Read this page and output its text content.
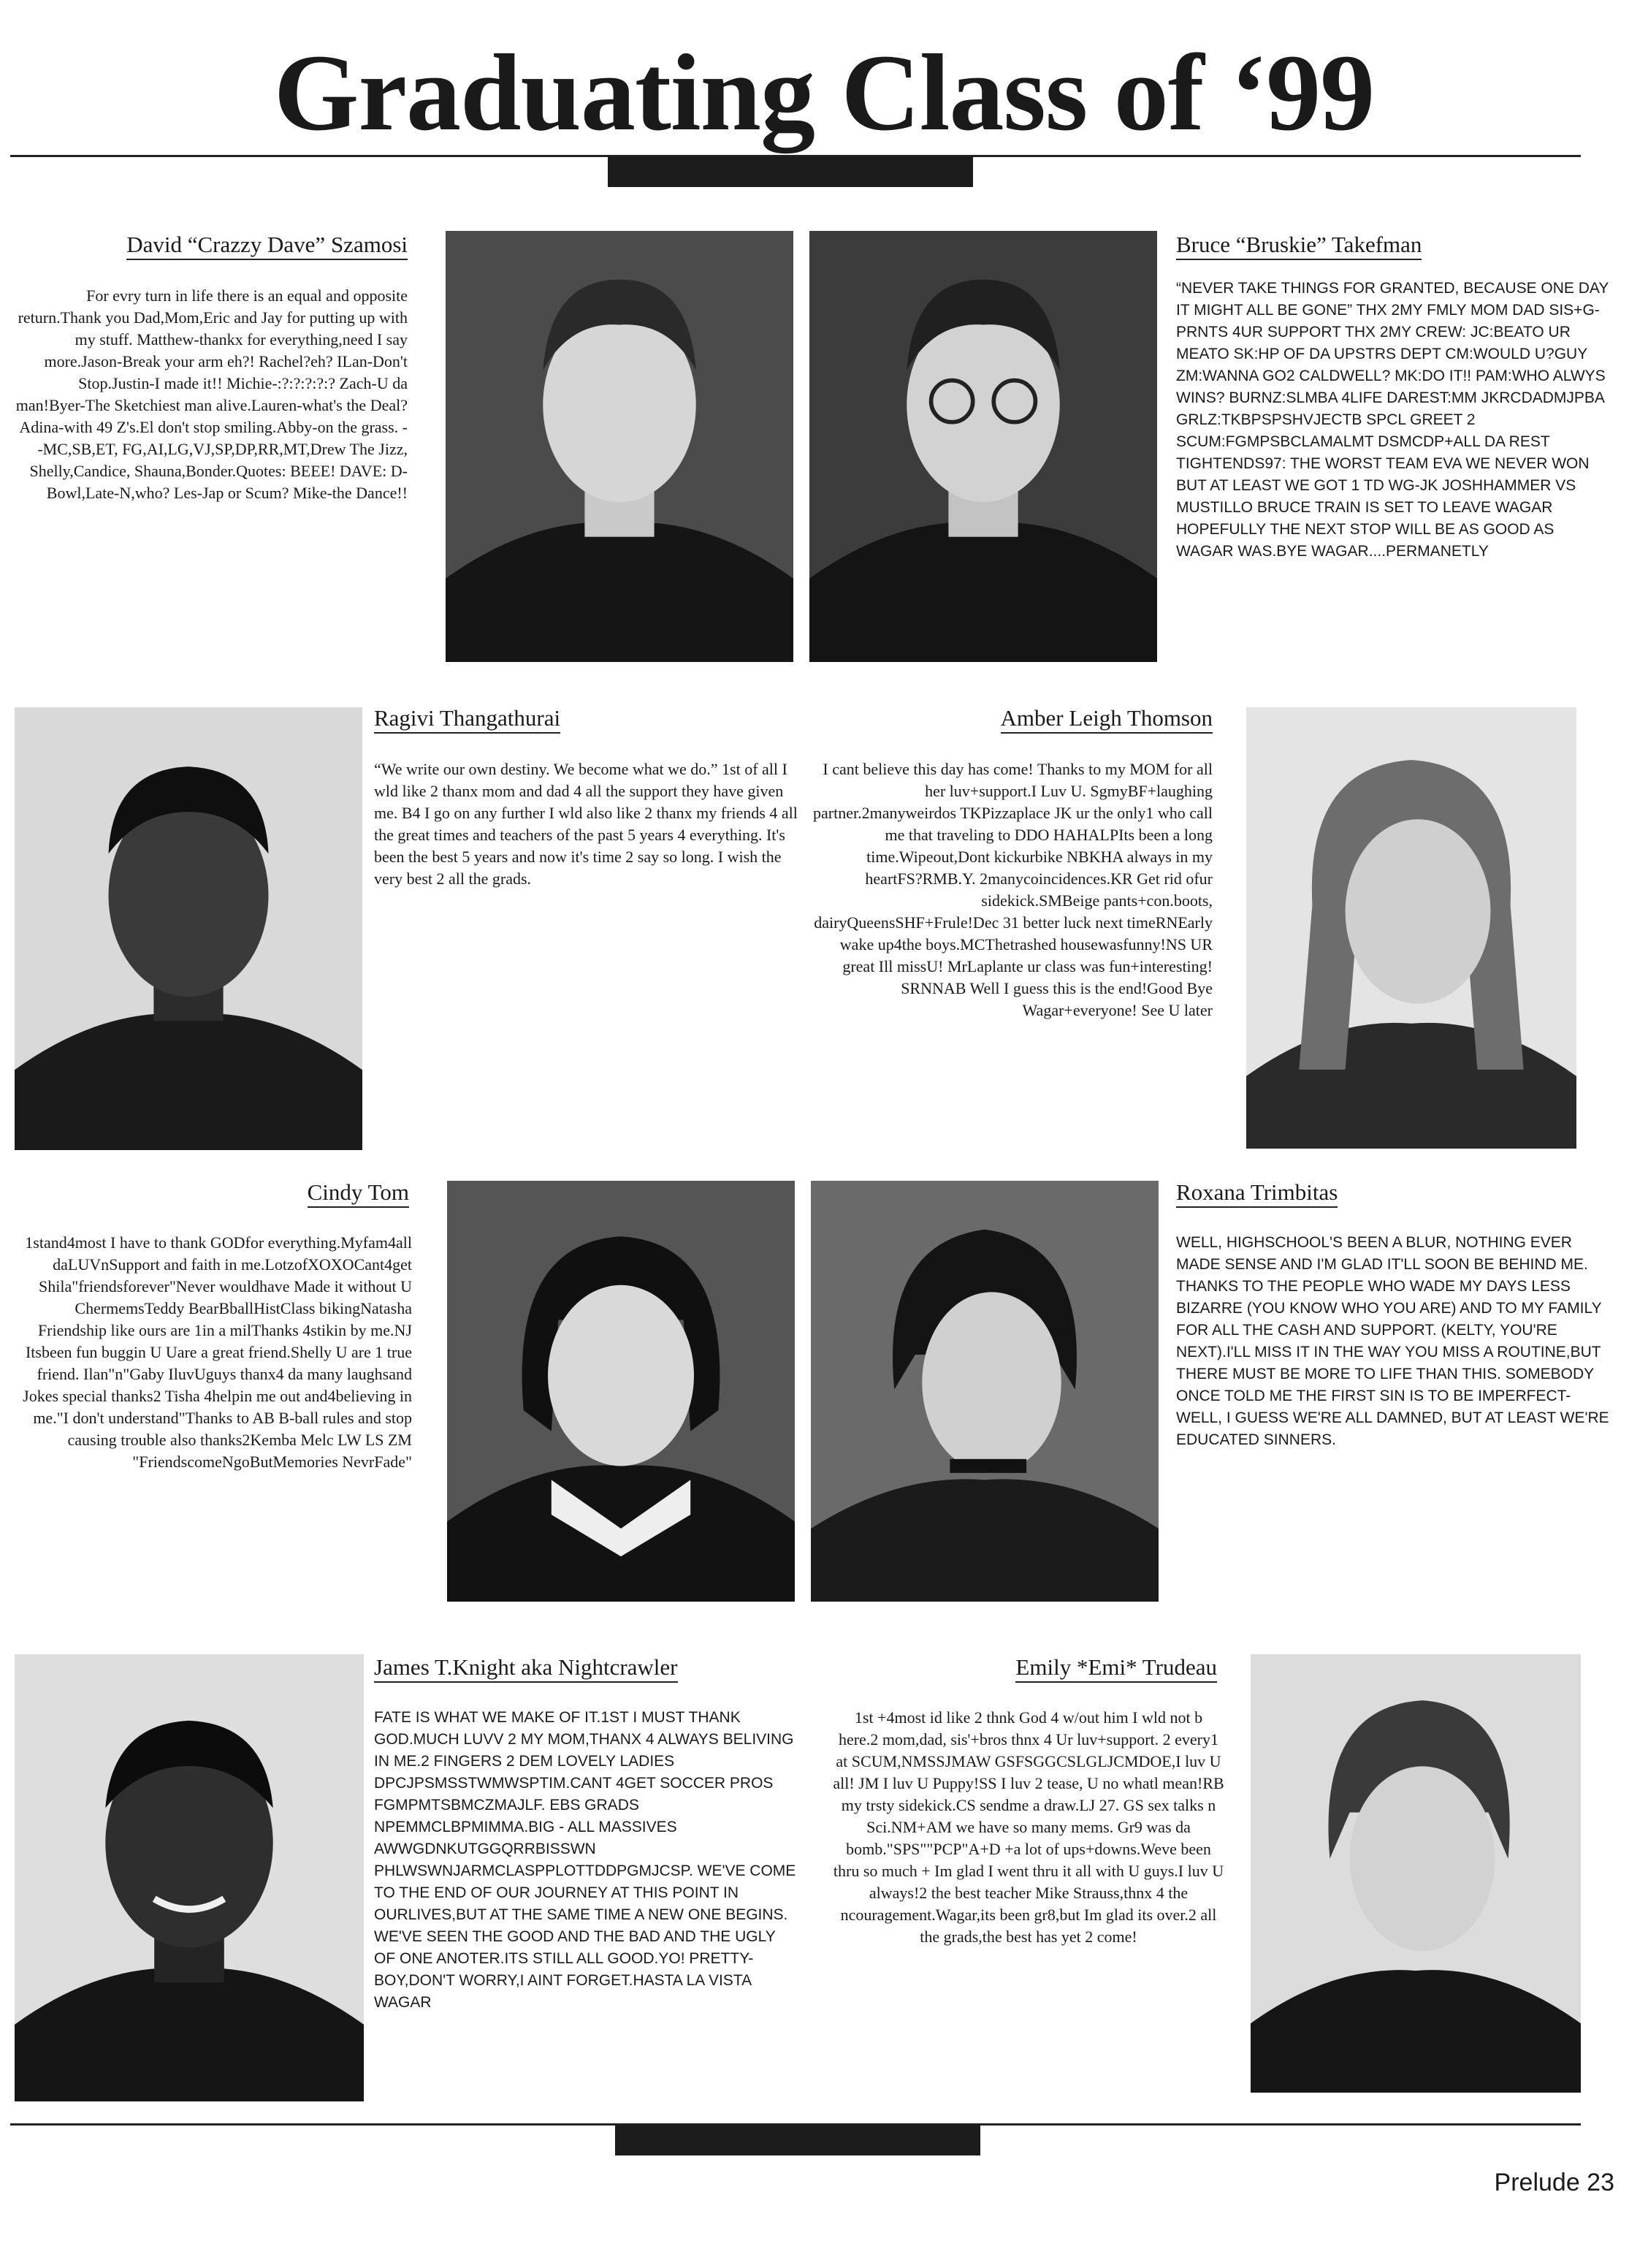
Graduating Class of ‘99
David “Crazzy Dave” Szamosi

For evry turn in life there is an equal and opposite return.Thank you Dad,Mom,Eric and Jay for putting up with my stuff. Matthew-thankx for everything,need I say more.Jason-Break your arm eh?! Rachel?eh? ILan-Don't Stop.Justin-I made it!! Michie-:?:?:?:?:? Zach-U da man!Byer-The Sketchiest man alive.Lauren-what's the Deal? Adina-with 49 Z's.El don't stop smiling.Abby-on the grass. --MC,SB,ET, FG,AI,LG,VJ,SP,DP,RR,MT,Drew The Jizz, Shelly,Candice, Shauna,Bonder.Quotes: BEEE! DAVE: D-Bowl,Late-N,who? Les-Jap or Scum? Mike-the Dance!!

Bruce “Bruskie” Takefman

“NEVER TAKE THINGS FOR GRANTED, BECAUSE ONE DAY IT MIGHT ALL BE GONE” THX 2MY FMLY MOM DAD SIS+G-PRNTS 4UR SUPPORT THX 2MY CREW: JC:BEATO UR MEATO SK:HP OF DA UPSTRS DEPT CM:WOULD U?GUY ZM:WANNA GO2 CALDWELL? MK:DO IT!! PAM:WHO ALWYS WINS? BURNZ:SLMBA 4LIFE DAREST:MM JKRCDADMJPBA GRLZ:TKBPSPSHVJECTB SPCL GREET 2 SCUM:FGMPSBCLAMALMT DSMCDP+ALL DA REST TIGHTENDS97: THE WORST TEAM EVA WE NEVER WON BUT AT LEAST WE GOT 1 TD WG-JK JOSHHAMMER VS MUSTILLO BRUCE TRAIN IS SET TO LEAVE WAGAR HOPEFULLY THE NEXT STOP WILL BE AS GOOD AS WAGAR WAS.BYE WAGAR....PERMANETLY

Ragivi Thangathurai

“We write our own destiny. We become what we do.” 1st of all I wld like 2 thanx mom and dad 4 all the support they have given me. B4 I go on any further I wld also like 2 thanx my friends 4 all the great times and teachers of the past 5 years 4 everything. It's been the best 5 years and now it's time 2 say so long. I wish the very best 2 all the grads.

Amber Leigh Thomson

I cant believe this day has come! Thanks to my MOM for all her luv+support.I Luv U. SgmyBF+laughing partner.2manyweirdos TKPizzaplace JK ur the only1 who call me that traveling to DDO HAHALPIts been a long time.Wipeout,Dont kickurbike NBKHA always in my heartFS?RMB.Y. 2manycoincidences.KR Get rid ofur sidekick.SMBeige pants+con.boots, dairyQueensSHF+Frule!Dec 31 better luck next timeRNEarly wake up4the boys.MCThetrashed housewasfunny!NS UR great Ill missU! MrLaplante ur class was fun+interesting! SRNNAB Well I guess this is the end!Good Bye Wagar+everyone! See U later

Cindy Tom

1stand4most I have to thank GODfor everything.Myfam4all daLUVnSupport and faith in me.LotzofXOXOCant4get Shila"friendsforever"Never wouldhave Made it without U ChermemsTeddy BearBballHistClass bikingNatasha Friendship like ours are 1in a milThanks 4stikin by me.NJ Itsbeen fun buggin U Uare a great friend.Shelly U are 1 true friend. Ilan"n"Gaby IluvUguys thanx4 da many laughsand Jokes special thanks2 Tisha 4helpin me out and4believing in me."I don't understand"Thanks to AB B-ball rules and stop causing trouble also thanks2Kemba Melc LW LS ZM "FriendscomeNgoButMemories NevrFade"

Roxana Trimbitas

WELL, HIGHSCHOOL'S BEEN A BLUR, NOTHING EVER MADE SENSE AND I'M GLAD IT'LL SOON BE BEHIND ME. THANKS TO THE PEOPLE WHO WADE MY DAYS LESS BIZARRE (YOU KNOW WHO YOU ARE) AND TO MY FAMILY FOR ALL THE CASH AND SUPPORT. (KELTY, YOU'RE NEXT).I'LL MISS IT IN THE WAY YOU MISS A ROUTINE,BUT THERE MUST BE MORE TO LIFE THAN THIS. SOMEBODY ONCE TOLD ME THE FIRST SIN IS TO BE IMPERFECT-WELL, I GUESS WE'RE ALL DAMNED, BUT AT LEAST WE'RE EDUCATED SINNERS.

James T.Knight aka Nightcrawler

FATE IS WHAT WE MAKE OF IT.1ST I MUST THANK GOD.MUCH LUVV 2 MY MOM,THANX 4 ALWAYS BELIVING IN ME.2 FINGERS 2 DEM LOVELY LADIES DPCJPSMSSTWMWSPTIM.CANT 4GET SOCCER PROS FGMPMTSBMCZMAJLF. EBS GRADS NPEMMCLBPMIMMA.BIG - ALL MASSIVES AWWGDNKUTGGQRRBISSWN PHLWSWNJARMCLASPPLOTTDDPGMJCSP. WE'VE COME TO THE END OF OUR JOURNEY AT THIS POINT IN OURLIVES,BUT AT THE SAME TIME A NEW ONE BEGINS. WE'VE SEEN THE GOOD AND THE BAD AND THE UGLY OF ONE ANOTER.ITS STILL ALL GOOD.YO! PRETTY-BOY,DON'T WORRY,I AINT FORGET.HASTA LA VISTA WAGAR

Emily *Emi* Trudeau

1st +4most id like 2 thnk God 4 w/out him I wld not b here.2 mom,dad, sis'+bros thnx 4 Ur luv+support. 2 every1 at SCUM,NMSSJMAW GSFSGGCSLGLJCMDOE,I luv U all! JM I luv U Puppy!SS I luv 2 tease, U no whatl mean!RB my trsty sidekick.CS sendme a draw.LJ 27. GS sex talks n Sci.NM+AM we have so many mems. Gr9 was da bomb."SPS""PCP"A+D +a lot of ups+downs.Weve been thru so much + Im glad I went thru it all with U guys.I luv U always!2 the best teacher Mike Strauss,thnx 4 the ncouragement.Wagar,its been gr8,but Im glad its over.2 all the grads,the best has yet 2 come!

Prelude 23
